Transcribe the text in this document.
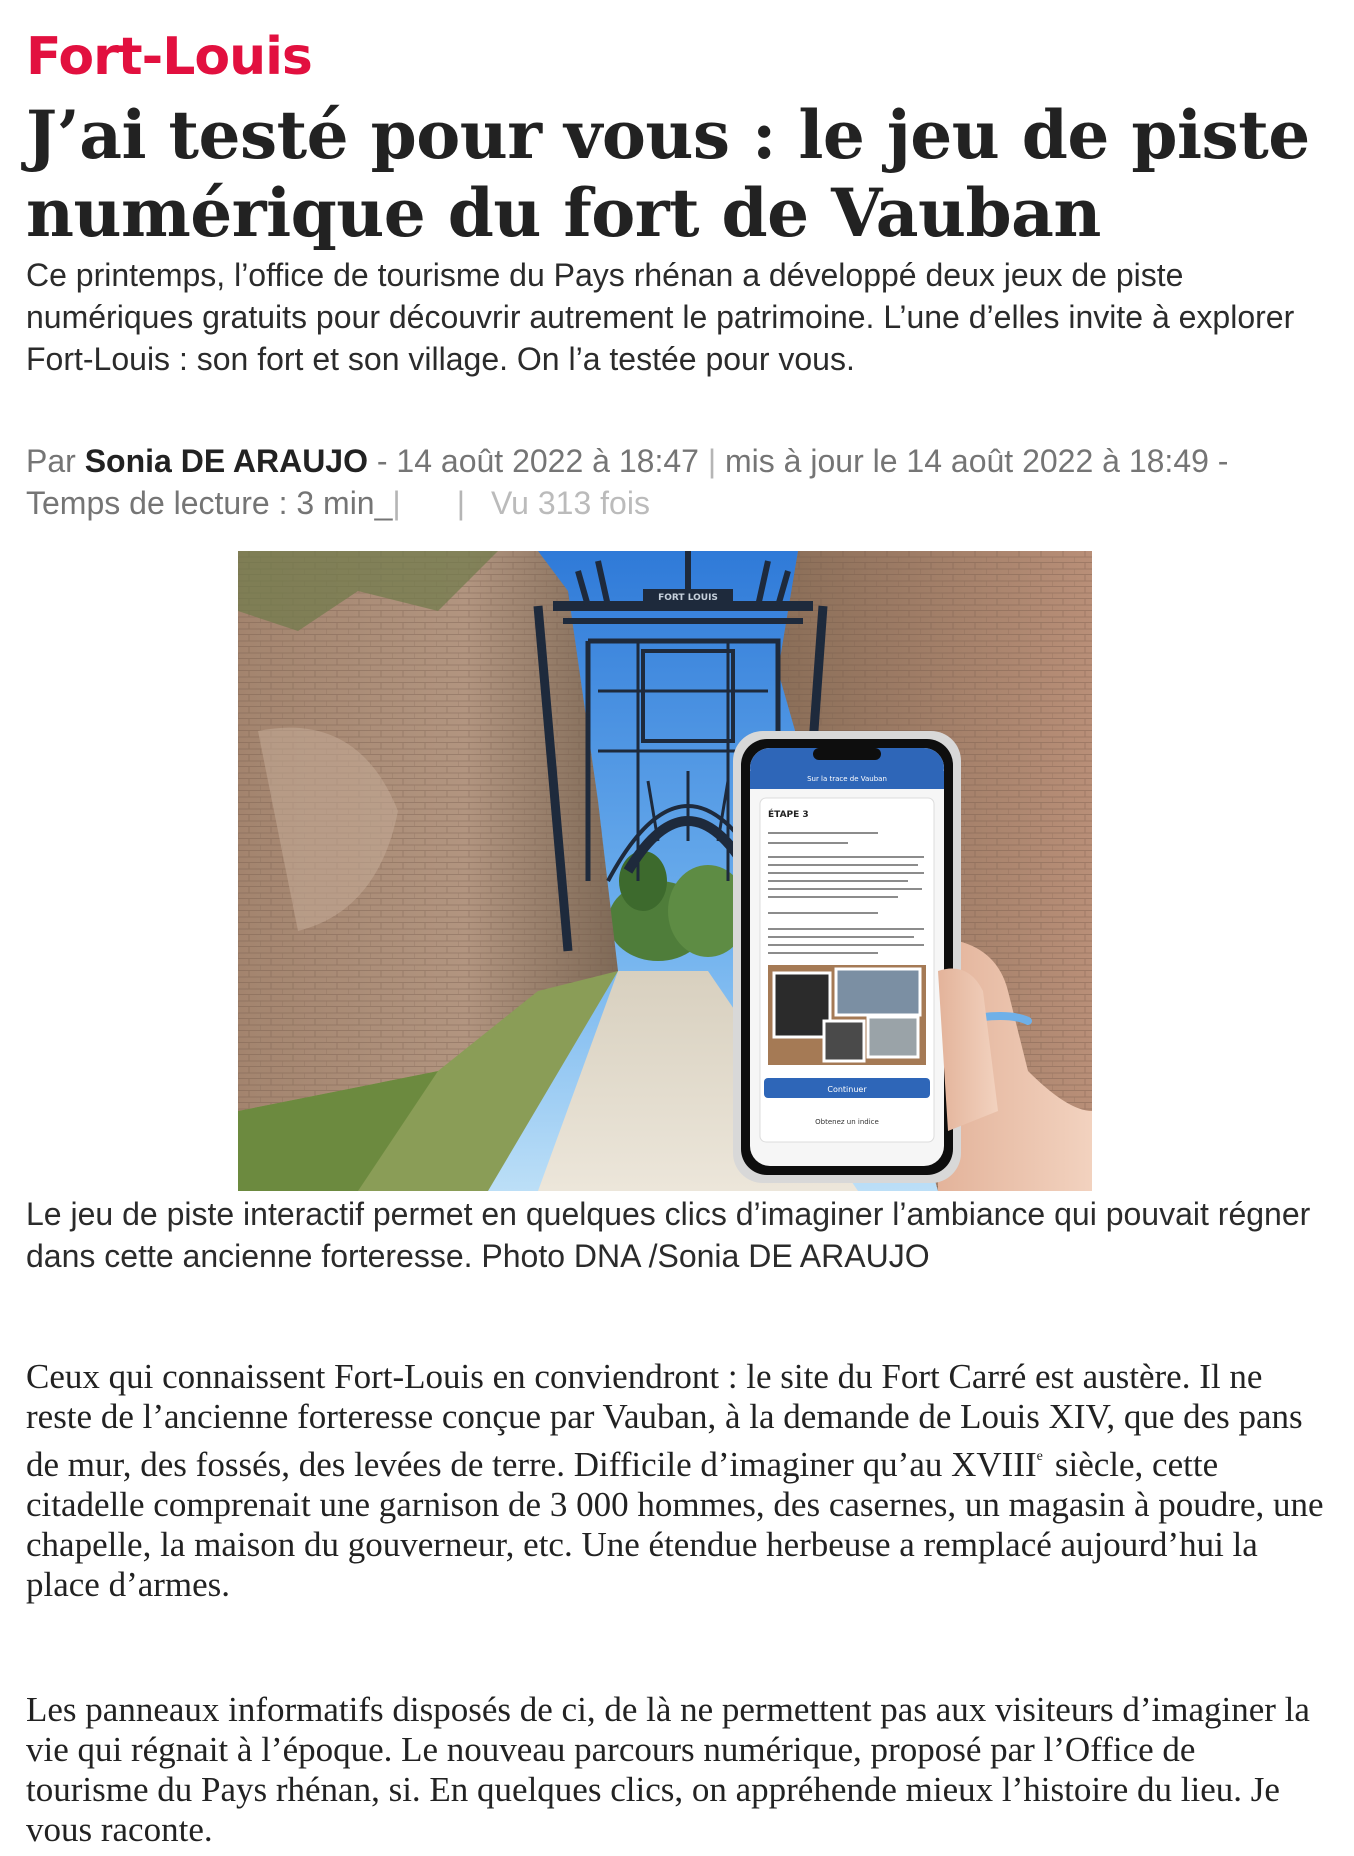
Fort-Louis
J’ai testé pour vous : le jeu de piste numérique du fort de Vauban

Ce printemps, l’office de tourisme du Pays rhénan a développé deux jeux de piste numériques gratuits pour découvrir autrement le patrimoine. L’une d’elles invite à explorer Fort-Louis : son fort et son village. On l’a testée pour vous.

Par Sonia DE ARAUJO - 14 août 2022 à 18:47 | mis à jour le 14 août 2022 à 18:49 - Temps de lecture : 3 min_| | Vu 313 fois

FORT LOUIS
Sur la trace de Vauban
ÉTAPE 3
Continuer
Obtenez un indice

Le jeu de piste interactif permet en quelques clics d’imaginer l’ambiance qui pouvait régner dans cette ancienne forteresse. Photo DNA /Sonia DE ARAUJO

Ceux qui connaissent Fort-Louis en conviendront : le site du Fort Carré est austère. Il ne reste de l’ancienne forteresse conçue par Vauban, à la demande de Louis XIV, que des pans de mur, des fossés, des levées de terre. Difficile d’imaginer qu’au XVIIIe siècle, cette citadelle comprenait une garnison de 3 000 hommes, des casernes, un magasin à poudre, une chapelle, la maison du gouverneur, etc. Une étendue herbeuse a remplacé aujourd’hui la place d’armes.

Les panneaux informatifs disposés de ci, de là ne permettent pas aux visiteurs d’imaginer la vie qui régnait à l’époque. Le nouveau parcours numérique, proposé par l’Office de tourisme du Pays rhénan, si. En quelques clics, on appréhende mieux l’histoire du lieu. Je vous raconte.
